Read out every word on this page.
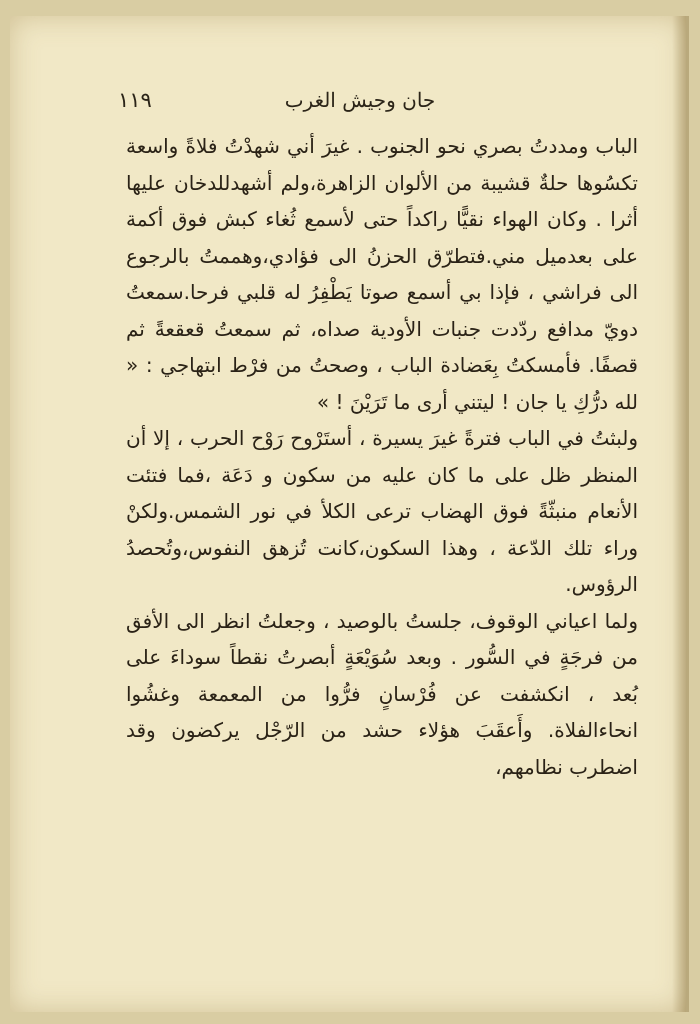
جان وجيش الغرب
١١٩

الباب ومددتُ بصري نحو الجنوب . غيرَ أني شهدْتُ فلاةً واسعة تكسُوها حلةٌ قشيبة من الألوان الزاهرة،ولم أشهدللدخان عليها أثرا . وكان الهواء نقيًّا راكداً حتى لأسمع ثُغاء كبش فوق أكمة على بعدميل مني.فتطرّق الحزنُ الى فؤادي،وهممتُ بالرجوع الى فراشي ، فإذا بي أسمع صوتا يَطْفِرُ له قلبي فرحا.سمعتُ دويّ مدافع ردّدت جنبات الأودية صداه، ثم سمعتُ قعقعةً ثم قصفًا. فأمسكتُ بِعَضادة الباب ، وصحتُ من فرْط ابتهاجي : « لله درُّكِ يا جان ! ليتني أرى ما تَرَيْنَ ! »

ولبثتُ في الباب فترةً غيرَ يسيرة ، أستَرْوح رَوْح الحرب ، إلا أن المنظر ظل على ما كان عليه من سكون و دَعَة ،فما فتئت الأنعام منبثّةً فوق الهضاب ترعى الكلأ في نور الشمس.ولكنْ وراء تلك الدّعة ، وهذا السكون،كانت تُزهق النفوس،وتُحصدُ الرؤوس.

ولما اعياني الوقوف، جلستُ بالوصيد ، وجعلتُ انظر الى الأفق من فرجَةٍ في السُّور . وبعد سُوَيْعَةٍ أبصرتُ نقطاً سوداءَ على بُعد ، انكشفت عن فُرْسانٍ فرُّوا من المعمعة وغشُوا انحاءالفلاة. وأَعقَبَ هؤلاء حشد من الرّجْل يركضون وقد اضطرب نظامهم،
